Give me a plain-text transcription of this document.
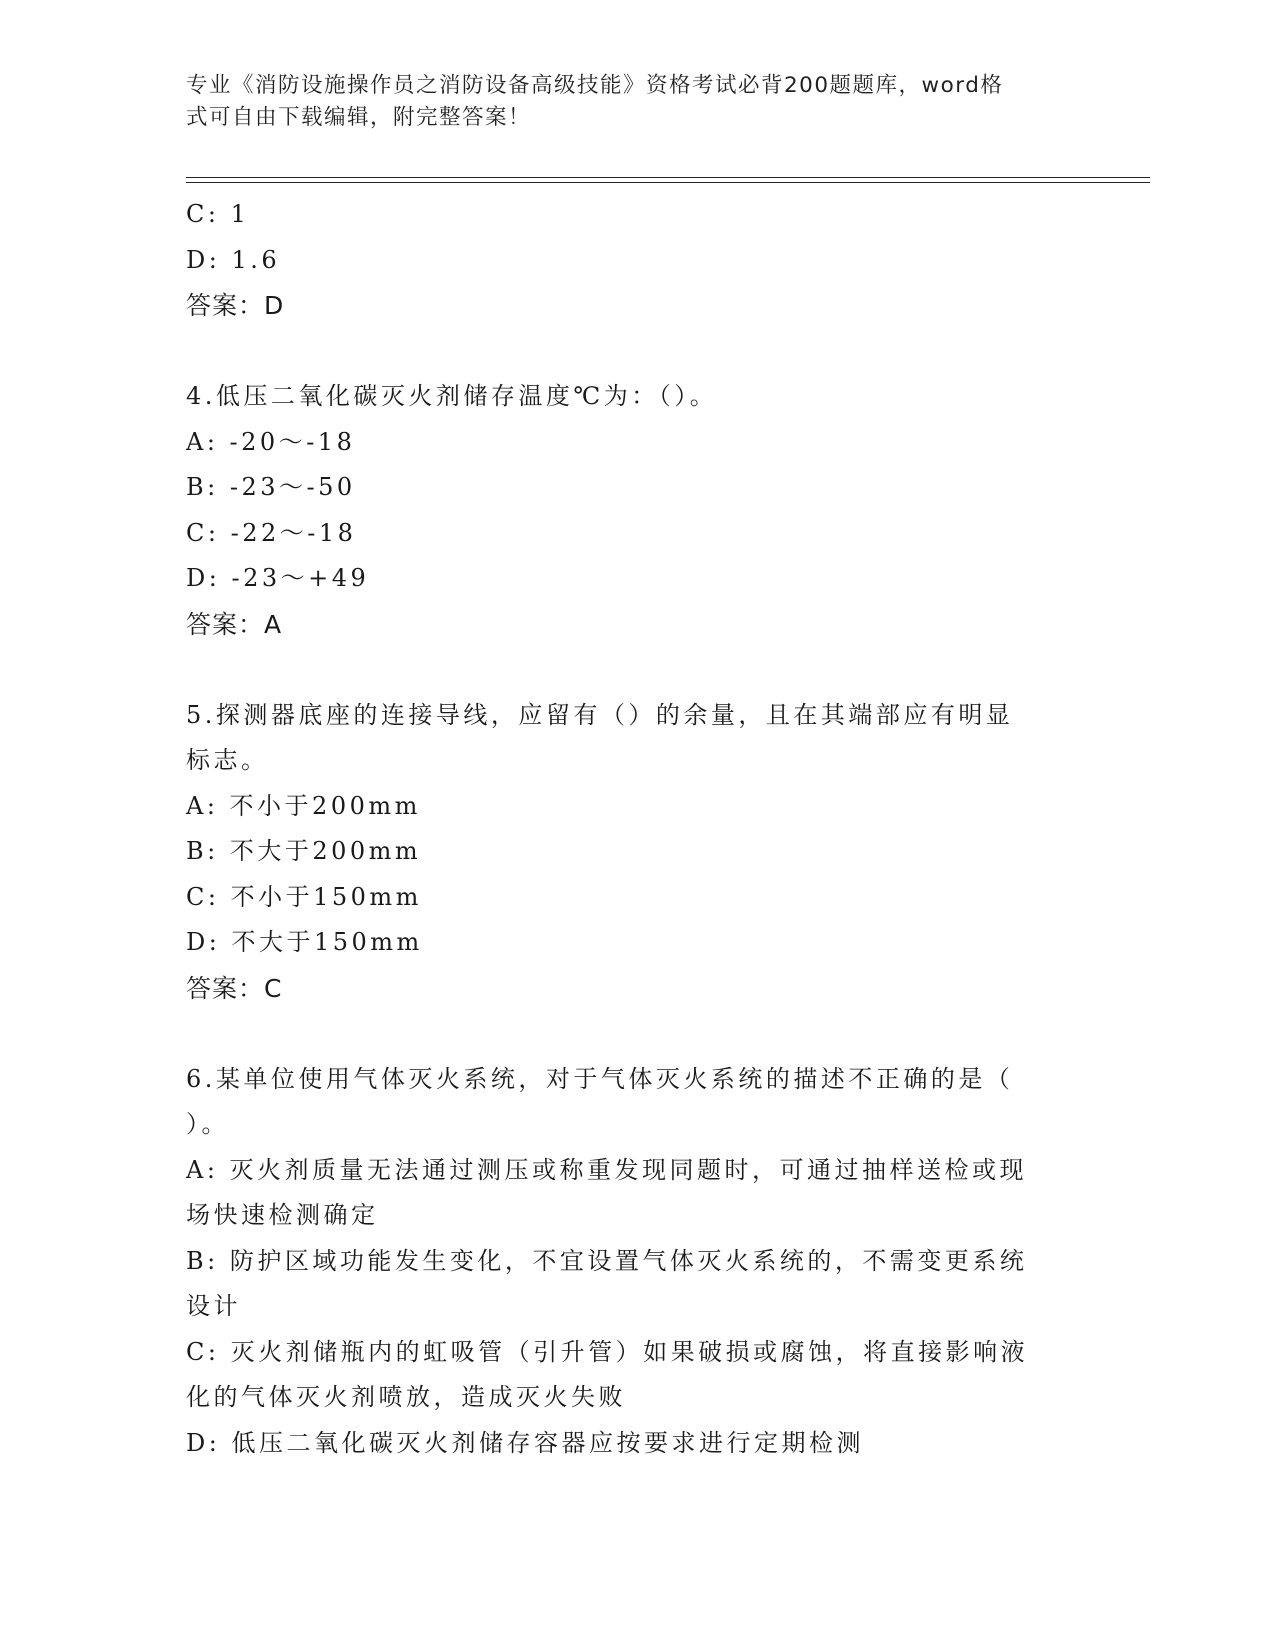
专业《消防设施操作员之消防设备高级技能》资格考试必背200题题库，word格
式可自由下载编辑，附完整答案！
C: 1
D: 1.6
答案：D
4.低压二氧化碳灭火剂储存温度℃为：（）。
A: -20～-18
B: -23～-50
C: -22～-18
D: -23～+49
答案：A
5.探测器底座的连接导线，应留有（）的余量，且在其端部应有明显
标志。
A: 不小于200mm
B: 不大于200mm
C: 不小于150mm
D: 不大于150mm
答案：C
6.某单位使用气体灭火系统，对于气体灭火系统的描述不正确的是（
）。
A: 灭火剂质量无法通过测压或称重发现同题时，可通过抽样送检或现
场快速检测确定
B: 防护区域功能发生变化，不宜设置气体灭火系统的，不需变更系统
设计
C: 灭火剂储瓶内的虹吸管（引升管）如果破损或腐蚀，将直接影响液
化的气体灭火剂喷放，造成灭火失败
D: 低压二氧化碳灭火剂储存容器应按要求进行定期检测
